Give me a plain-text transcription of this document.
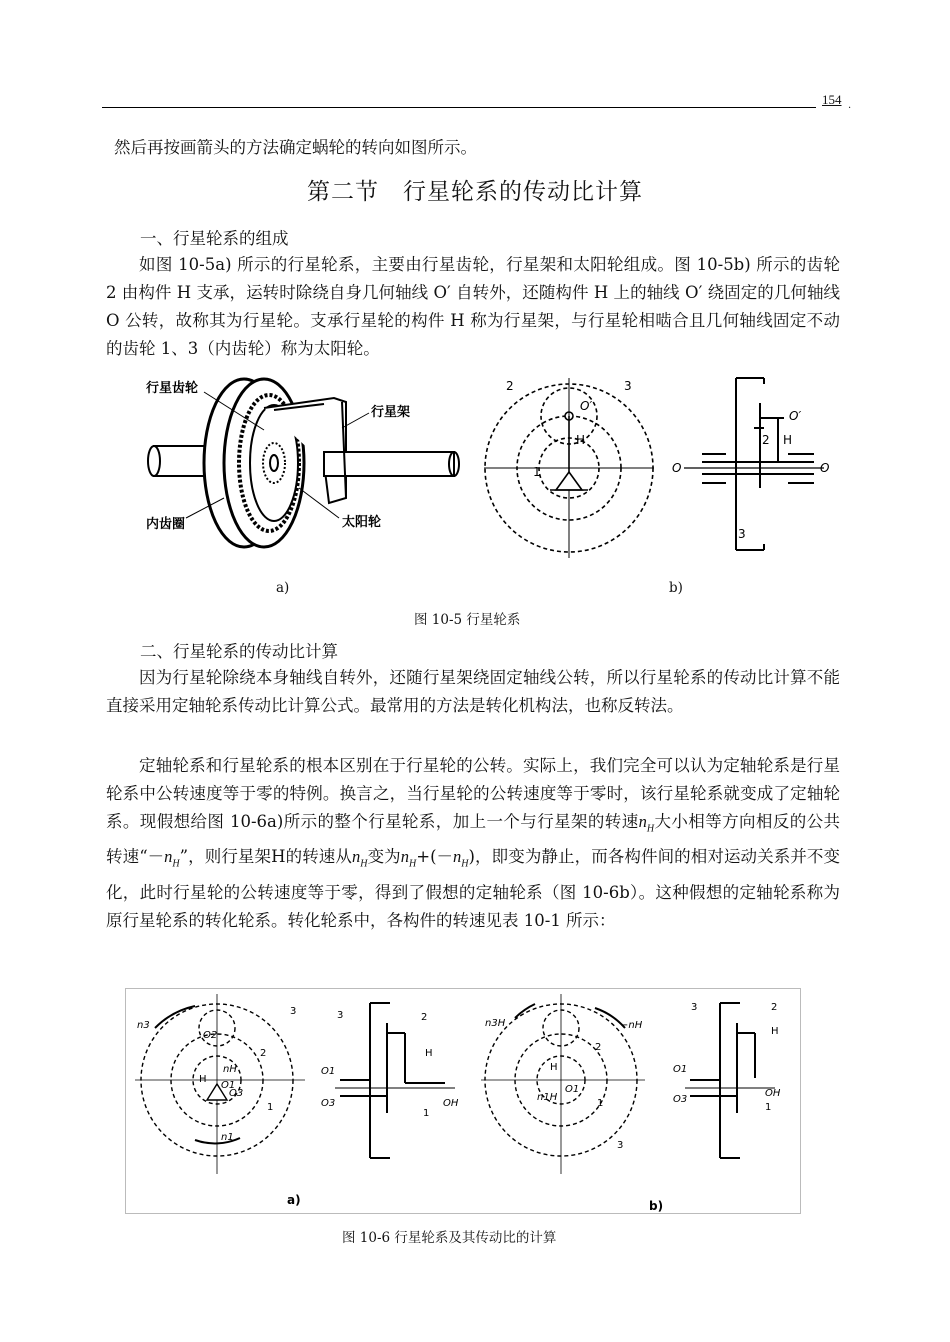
154 .
然后再按画箭头的方法确定蜗轮的转向如图所示。
第二节　行星轮系的传动比计算
一、行星轮系的组成
如图 10-5a) 所示的行星轮系，主要由行星齿轮，行星架和太阳轮组成。图 10-5b) 所示的齿轮 2 由构件 H 支承，运转时除绕自身几何轴线 O′ 自转外，还随构件 H 上的轴线 O′ 绕固定的几何轴线 O 公转，故称其为行星轮。支承行星轮的构件 H 称为行星架，与行星轮相啮合且几何轴线固定不动的齿轮 1、3（内齿轮）称为太阳轮。
行星齿轮
行星架
内齿圈	太阳轮
2	3
1
H
O′
O	O
O′
H
2
3
a)	b)
图 10-5 行星轮系
二、行星轮系的传动比计算
因为行星轮除绕本身轴线自转外，还随行星架绕固定轴线公转，所以行星轮系的传动比计算不能直接采用定轴轮系传动比计算公式。最常用的方法是转化机构法，也称反转法。
定轴轮系和行星轮系的根本区别在于行星轮的公转。实际上，我们完全可以认为定轴轮系是行星轮系中公转速度等于零的特例。换言之，当行星轮的公转速度等于零时，该行星轮系就变成了定轴轮系。现假想给图 10-6a)所示的整个行星轮系，加上一个与行星架的转速$n_H$大小相等方向相反的公共转速“$-n_H$”，则行星架H的转速从$n_H$变为$n_H+(-n_H)$，即变为静止，而各构件间的相对运动关系并不变化，此时行星轮的公转速度等于零，得到了假想的定轴轮系（图 10-6b）。这种假想的定轴轮系称为原行星轮系的转化轮系。转化轮系中，各构件的转速见表 10-1 所示：
n3
3
2
1
O2
nH
O1
H
O3
n1
3	2
H
O1
O3	OH
1
n3H	−nH
2
H
n1H
O1
1
3
3	2
H
O1
O3
OH
1
a)	b)
图 10-6 行星轮系及其传动比的计算
